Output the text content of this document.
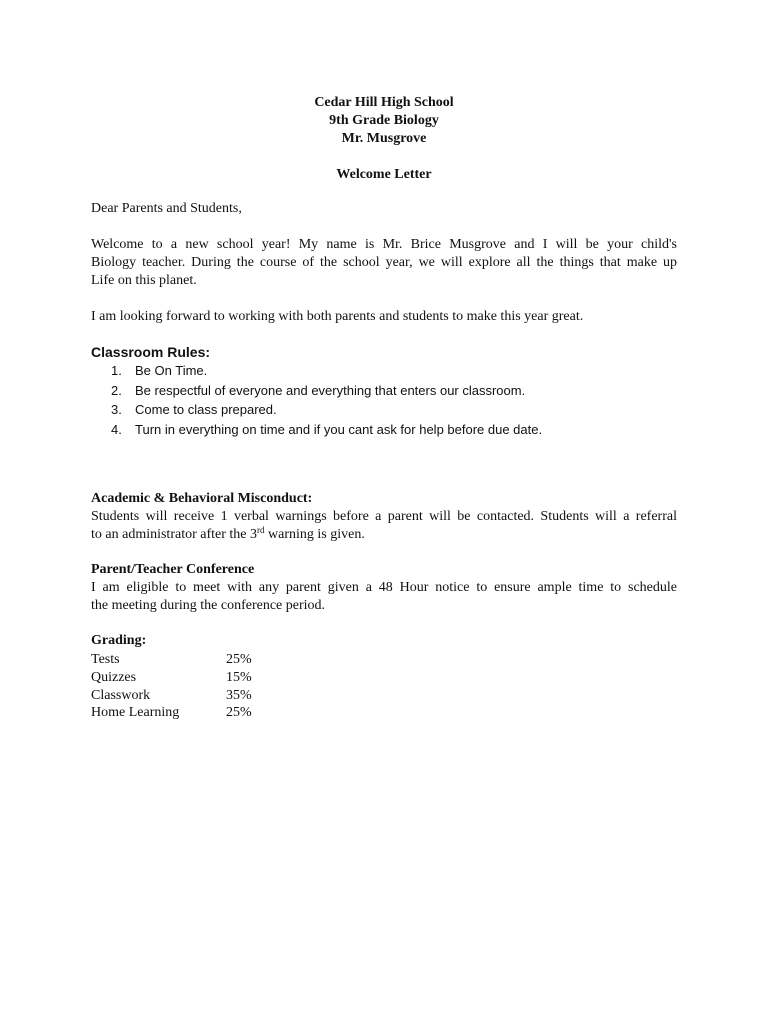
Cedar Hill High School
9th Grade Biology
Mr. Musgrove
Welcome Letter
Dear Parents and Students,
Welcome to a new school year! My name is Mr. Brice Musgrove and I will be your child's
Biology teacher. During the course of the school year, we will explore all the things that make up
Life on this planet.
I am looking forward to working with both parents and students to make this year great.
Classroom Rules:
1. Be On Time.
2. Be respectful of everyone and everything that enters our classroom.
3. Come to class prepared.
4. Turn in everything on time and if you cant ask for help before due date.
Academic & Behavioral Misconduct:
Students will receive 1 verbal warnings before a parent will be contacted. Students will a referral
to an administrator after the 3rd warning is given.
Parent/Teacher Conference
I am eligible to meet with any parent given a 48 Hour notice to ensure ample time to schedule
the meeting during the conference period.
Grading:
Tests	25%
Quizzes	15%
Classwork	35%
Home Learning	25%
